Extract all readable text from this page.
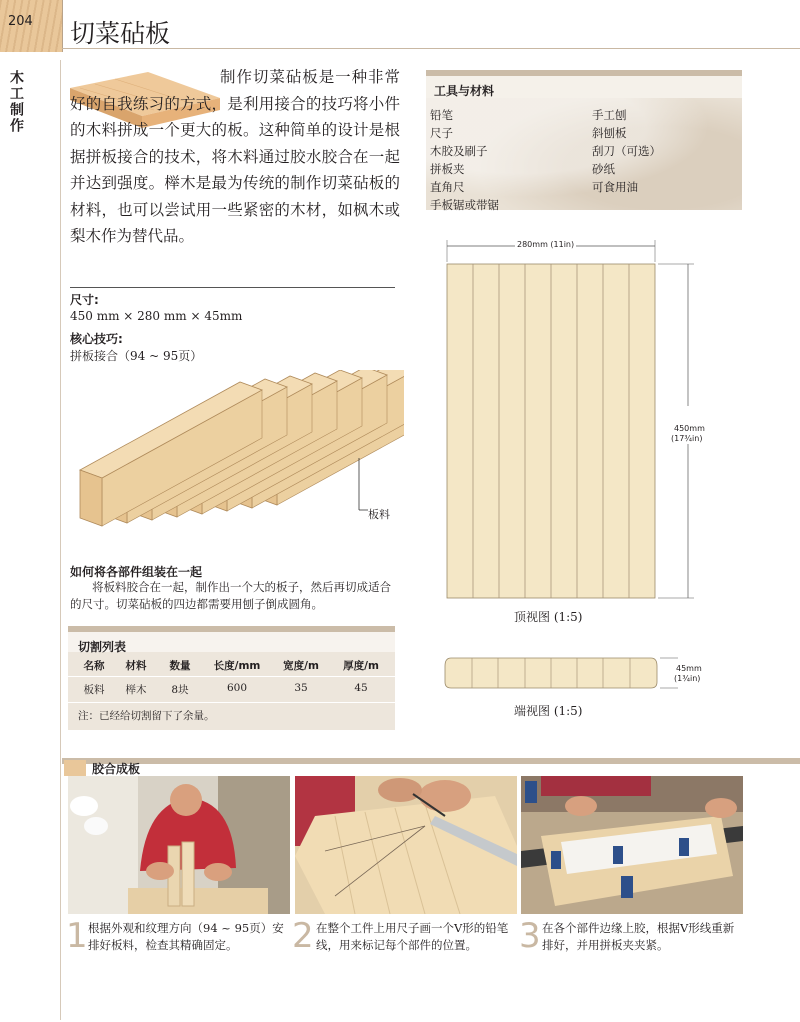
204 切菜砧板
木工制作	制作切菜砧板是一种非常好的自我练习的方式，是利用接合的技巧将小件的木料拼成一个更大的板。这种简单的设计是根据拼板接合的技术，将木料通过胶水胶合在一起并达到强度。榉木是最为传统的制作切菜砧板的材料，也可以尝试用一些紧密的木材，如枫木或梨木作为替代品。
尺寸:
450 mm × 280 mm × 45mm
核心技巧:
拼板接合（94 ~ 95页）
工具与材料
铅笔
尺子
木胶及刷子
拼板夹
直角尺
手板锯或带锯
手工刨
斜刨板
刮刀（可选）
砂纸
可食用油
280mm (11in)
450mm
(17¾in)
顶视图 (1:5)
45mm
(1¾in)
端视图 (1:5)
板料
如何将各部件组装在一起
将板料胶合在一起，制作出一个大的板子，然后再切成适合的尺寸。切菜砧板的四边都需要用刨子倒成圆角。
切割列表
名称	材料	数量	长度/mm	宽度/m	厚度/m
板料	榉木	8块	600	35	45
注：已经给切割留下了余量。
胶合成板
1 根据外观和纹理方向（94 ~ 95页）安排好板料，检查其精确固定。	2 在整个工件上用尺子画一个V形的铅笔线，用来标记每个部件的位置。	3 在各个部件边缘上胶，根据V形线重新排好，并用拼板夹夹紧。
